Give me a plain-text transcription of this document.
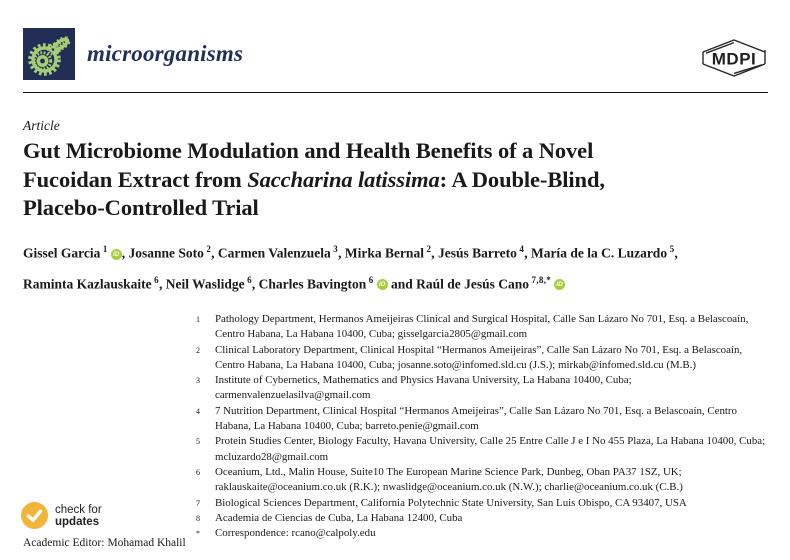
microorganisms	MDPI
Article
Gut Microbiome Modulation and Health Benefits of a Novel
Fucoidan Extract from Saccharina latissima: A Double-Blind,
Placebo-Controlled Trial

Gissel Garcia $^1$ iD , Josanne Soto $^2$, Carmen Valenzuela $^3$, Mirka Bernal $^2$, Jesús Barreto $^4$, María de la C. Luzardo $^5$,
Raminta Kazlauskaite $^6$, Neil Waslidge $^6$, Charles Bavington $^6$ iD and Raúl de Jesús Cano $^{7,8,*}$ iD

1	Pathology Department, Hermanos Ameijeiras Clinical and Surgical Hospital, Calle San Lázaro No 701, Esq. a Belascoaín, Centro Habana, La Habana 10400, Cuba; gisselgarcia2805@gmail.com
2	Clinical Laboratory Department, Clinical Hospital “Hermanos Ameijeiras”, Calle San Lázaro No 701, Esq. a Belascoaín, Centro Habana, La Habana 10400, Cuba; josanne.soto@infomed.sld.cu (J.S.); mirkab@infomed.sld.cu (M.B.)
3	Institute of Cybernetics, Mathematics and Physics Havana University, La Habana 10400, Cuba; carmenvalenzuelasilva@gmail.com
4	7 Nutrition Department, Clinical Hospital “Hermanos Ameijeiras”, Calle San Lázaro No 701, Esq. a Belascoaín, Centro Habana, La Habana 10400, Cuba; barreto.penie@gmail.com
5	Protein Studies Center, Biology Faculty, Havana University, Calle 25 Entre Calle J e I No 455 Plaza, La Habana 10400, Cuba; mcluzardo28@gmail.com
6	Oceanium, Ltd., Malin House, Suite10 The European Marine Science Park, Dunbeg, Oban PA37 1SZ, UK; raklauskaite@oceanium.co.uk (R.K.); nwaslidge@oceanium.co.uk (N.W.); charlie@oceanium.co.uk (C.B.)
7	Biological Sciences Department, California Polytechnic State University, San Luis Obispo, CA 93407, USA
8	Academia de Ciencias de Cuba, La Habana 12400, Cuba
*	Correspondence: rcano@calpoly.edu
check for
updates
Academic Editor: Mohamad Khalil
